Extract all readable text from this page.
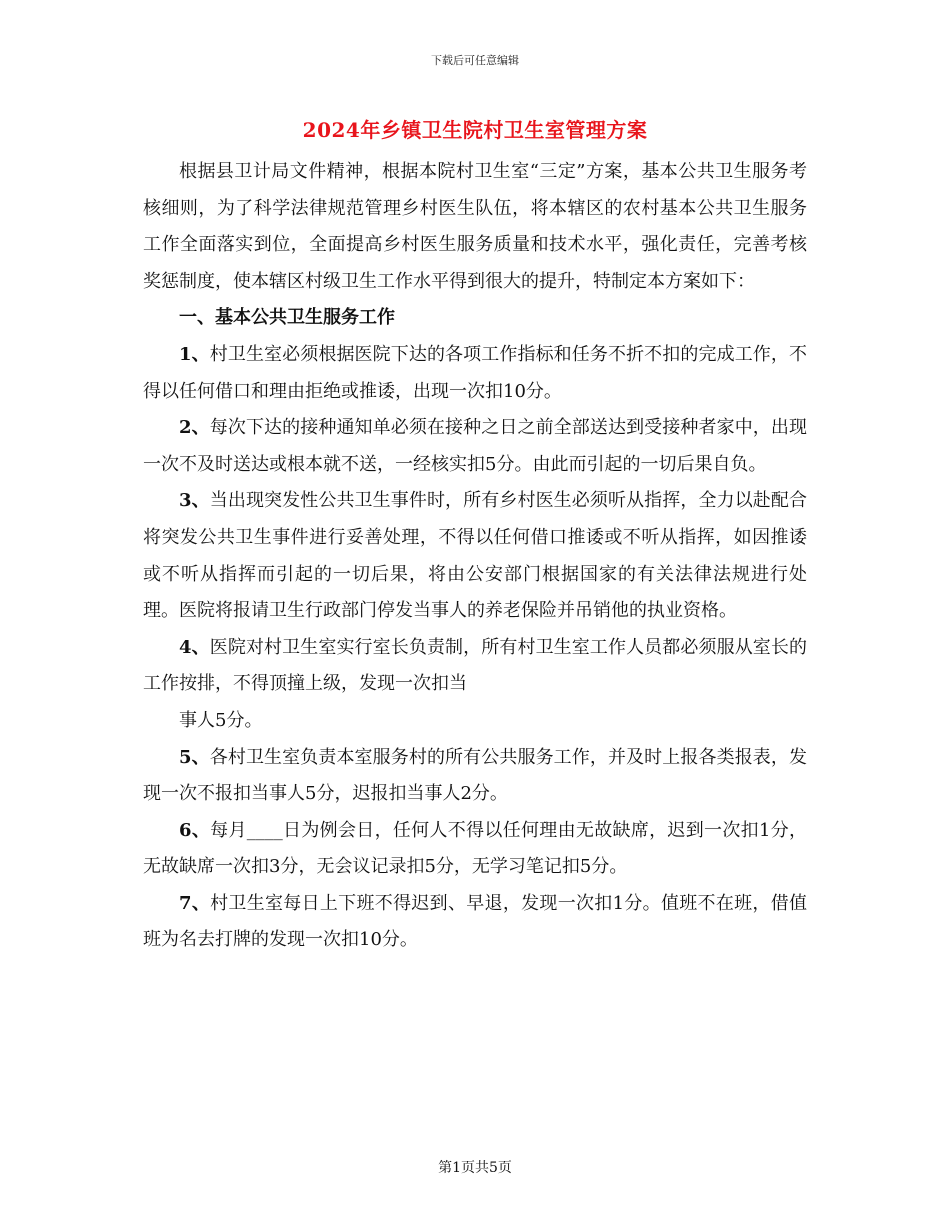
下载后可任意编辑
2024年乡镇卫生院村卫生室管理方案

根据县卫计局文件精神，根据本院村卫生室“三定”方案，基本公共卫生服务考核细则，为了科学法律规范管理乡村医生队伍，将本辖区的农村基本公共卫生服务工作全面落实到位，全面提高乡村医生服务质量和技术水平，强化责任，完善考核奖惩制度，使本辖区村级卫生工作水平得到很大的提升，特制定本方案如下：

一、基本公共卫生服务工作

1、村卫生室必须根据医院下达的各项工作指标和任务不折不扣的完成工作，不得以任何借口和理由拒绝或推诿，出现一次扣10分。

2、每次下达的接种通知单必须在接种之日之前全部送达到受接种者家中，出现一次不及时送达或根本就不送，一经核实扣5分。由此而引起的一切后果自负。

3、当出现突发性公共卫生事件时，所有乡村医生必须听从指挥，全力以赴配合将突发公共卫生事件进行妥善处理，不得以任何借口推诿或不听从指挥，如因推诿或不听从指挥而引起的一切后果，将由公安部门根据国家的有关法律法规进行处理。医院将报请卫生行政部门停发当事人的养老保险并吊销他的执业资格。

4、医院对村卫生室实行室长负责制，所有村卫生室工作人员都必须服从室长的工作按排，不得顶撞上级，发现一次扣当

事人5分。

5、各村卫生室负责本室服务村的所有公共服务工作，并及时上报各类报表，发现一次不报扣当事人5分，迟报扣当事人2分。

6、每月____日为例会日，任何人不得以任何理由无故缺席，迟到一次扣1分，无故缺席一次扣3分，无会议记录扣5分，无学习笔记扣5分。

7、村卫生室每日上下班不得迟到、早退，发现一次扣1分。值班不在班，借值班为名去打牌的发现一次扣10分。

第1页共5页
